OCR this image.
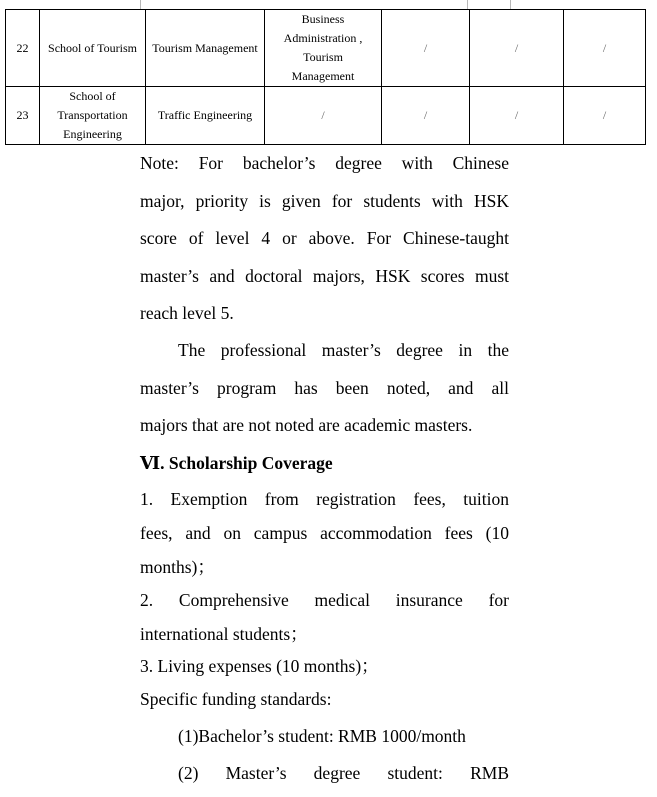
22	School of Tourism	Tourism Management	Business
Administration ,
Tourism
Management	/	/	/
23	School of
Transportation
Engineering	Traffic Engineering	/	/	/	/
Note: For bachelor’s degree with Chinese
major, priority is given for students with HSK
score of level 4 or above. For Chinese-taught
master’s and doctoral majors, HSK scores must
reach level 5.
The professional master’s degree in the
master’s program has been noted, and all
majors that are not noted are academic masters.
Ⅵ. Scholarship Coverage
1. Exemption from registration fees, tuition
fees, and on campus accommodation fees (10
months)；
2. Comprehensive medical insurance for
international students；
3. Living expenses (10 months)；
Specific funding standards:
(1)Bachelor’s student: RMB 1000/month
(2) Master’s degree student: RMB
